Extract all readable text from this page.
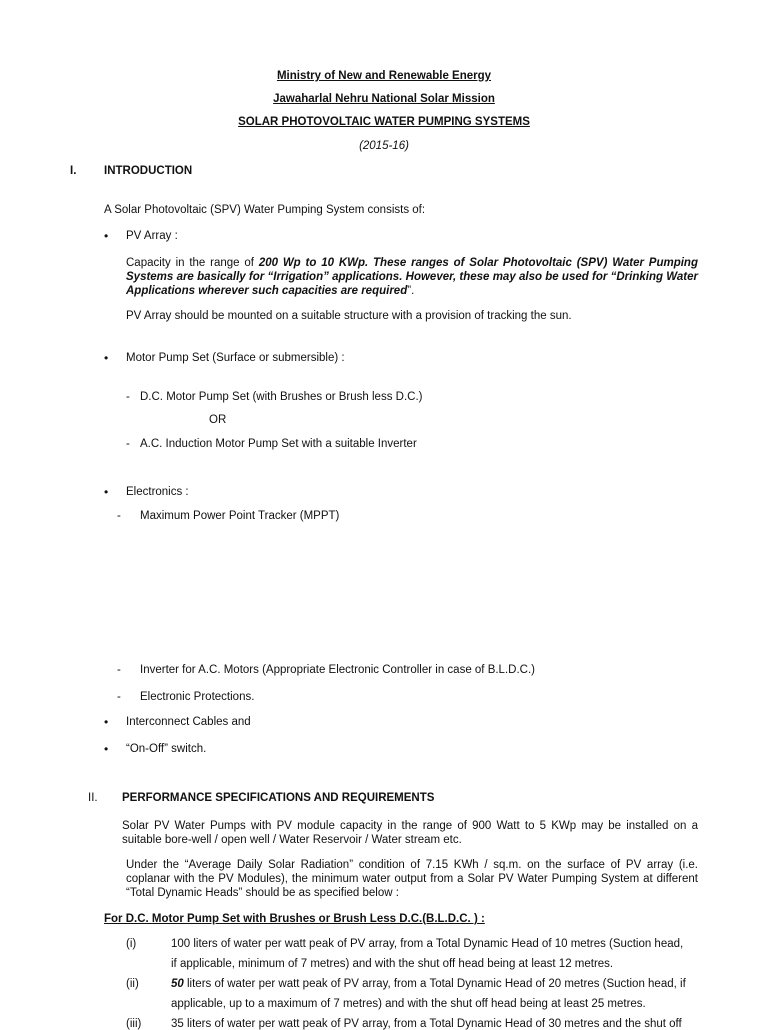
Ministry of New and Renewable Energy
Jawaharlal Nehru National Solar Mission
SOLAR PHOTOVOLTAIC WATER PUMPING SYSTEMS
(2015-16)
I. INTRODUCTION
A Solar Photovoltaic (SPV) Water Pumping System consists of:
• PV Array :
Capacity in the range of 200 Wp to 10 KWp. These ranges of Solar Photovoltaic (SPV) Water Pumping Systems are basically for “Irrigation” applications. However, these may also be used for “Drinking Water Applications wherever such capacities are required”.
PV Array should be mounted on a suitable structure with a provision of tracking the sun.
• Motor Pump Set (Surface or submersible) :
- D.C. Motor Pump Set (with Brushes or Brush less D.C.)
OR
- A.C. Induction Motor Pump Set with a suitable Inverter
• Electronics :
- Maximum Power Point Tracker (MPPT)
- Inverter for A.C. Motors (Appropriate Electronic Controller in case of B.L.D.C.)
- Electronic Protections.
• Interconnect Cables and
• “On-Off” switch.
II. PERFORMANCE SPECIFICATIONS AND REQUIREMENTS
Solar PV Water Pumps with PV module capacity in the range of 900 Watt to 5 KWp may be installed on a suitable bore-well / open well / Water Reservoir / Water stream etc.
Under the “Average Daily Solar Radiation” condition of 7.15 KWh / sq.m. on the surface of PV array (i.e. coplanar with the PV Modules), the minimum water output from a Solar PV Water Pumping System at different “Total Dynamic Heads” should be as specified below :
For D.C. Motor Pump Set with Brushes or Brush Less D.C.(B.L.D.C. ) :
(i)	100 liters of water per watt peak of PV array, from a Total Dynamic Head of 10 metres (Suction head,
if applicable, minimum of 7 metres) and with the shut off head being at least 12 metres.
(ii)	50 liters of water per watt peak of PV array, from a Total Dynamic Head of 20 metres (Suction head, if
applicable, up to a maximum of 7 metres) and with the shut off head being at least 25 metres.
(iii)	35 liters of water per watt peak of PV array, from a Total Dynamic Head of 30 metres and the shut off
